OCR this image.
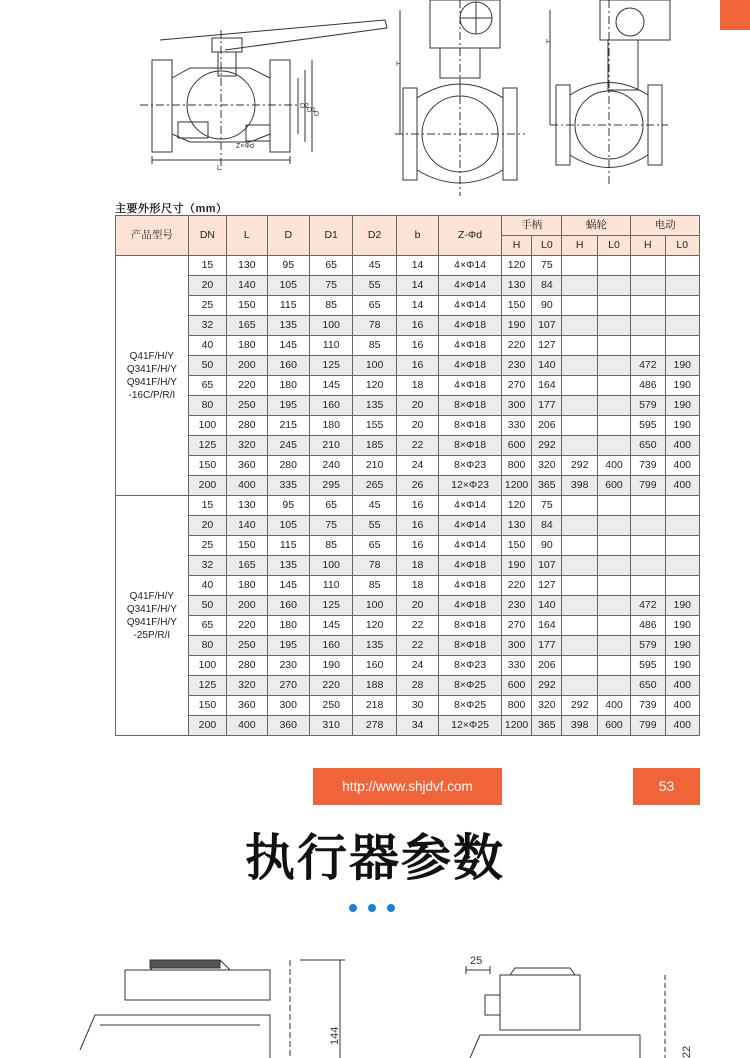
Z×Φd
L
D2
D1
D
H
H
主要外形尺寸（mm）
产品型号	DN	L	D	D1	D2	b	Z-Φd	手柄		蜗轮		电动	
								H	L0	H	L0	H	L0

Q41F/H/Y
Q341F/H/Y
Q941F/H/Y
-16C/P/R/I	15	130	95	65	45	14	4×Φ14	120	75				
	20	140	105	75	55	14	4×Φ14	130	84				
	25	150	115	85	65	14	4×Φ14	150	90				
	32	165	135	100	78	16	4×Φ18	190	107				
	40	180	145	110	85	16	4×Φ18	220	127				
	50	200	160	125	100	16	4×Φ18	230	140			472	190
	65	220	180	145	120	18	4×Φ18	270	164			486	190
	80	250	195	160	135	20	8×Φ18	300	177			579	190
	100	280	215	180	155	20	8×Φ18	330	206			595	190
	125	320	245	210	185	22	8×Φ18	600	292			650	400
	150	360	280	240	210	24	8×Φ23	800	320	292	400	739	400
	200	400	335	295	265	26	12×Φ23	1200	365	398	600	799	400

Q41F/H/Y
Q341F/H/Y
Q941F/H/Y
-25P/R/I	15	130	95	65	45	16	4×Φ14	120	75				
	20	140	105	75	55	16	4×Φ14	130	84				
	25	150	115	85	65	16	4×Φ14	150	90				
	32	165	135	100	78	18	4×Φ18	190	107				
	40	180	145	110	85	18	4×Φ18	220	127				
	50	200	160	125	100	20	4×Φ18	230	140			472	190
	65	220	180	145	120	22	8×Φ18	270	164			486	190
	80	250	195	160	135	22	8×Φ18	300	177			579	190
	100	280	230	190	160	24	8×Φ23	330	206			595	190
	125	320	270	220	188	28	8×Φ25	600	292			650	400
	150	360	300	250	218	30	8×Φ25	800	320	292	400	739	400
	200	400	360	310	278	34	12×Φ25	1200	365	398	600	799	400
http://www.shjdvf.com	53
执行器参数
144
25
22
